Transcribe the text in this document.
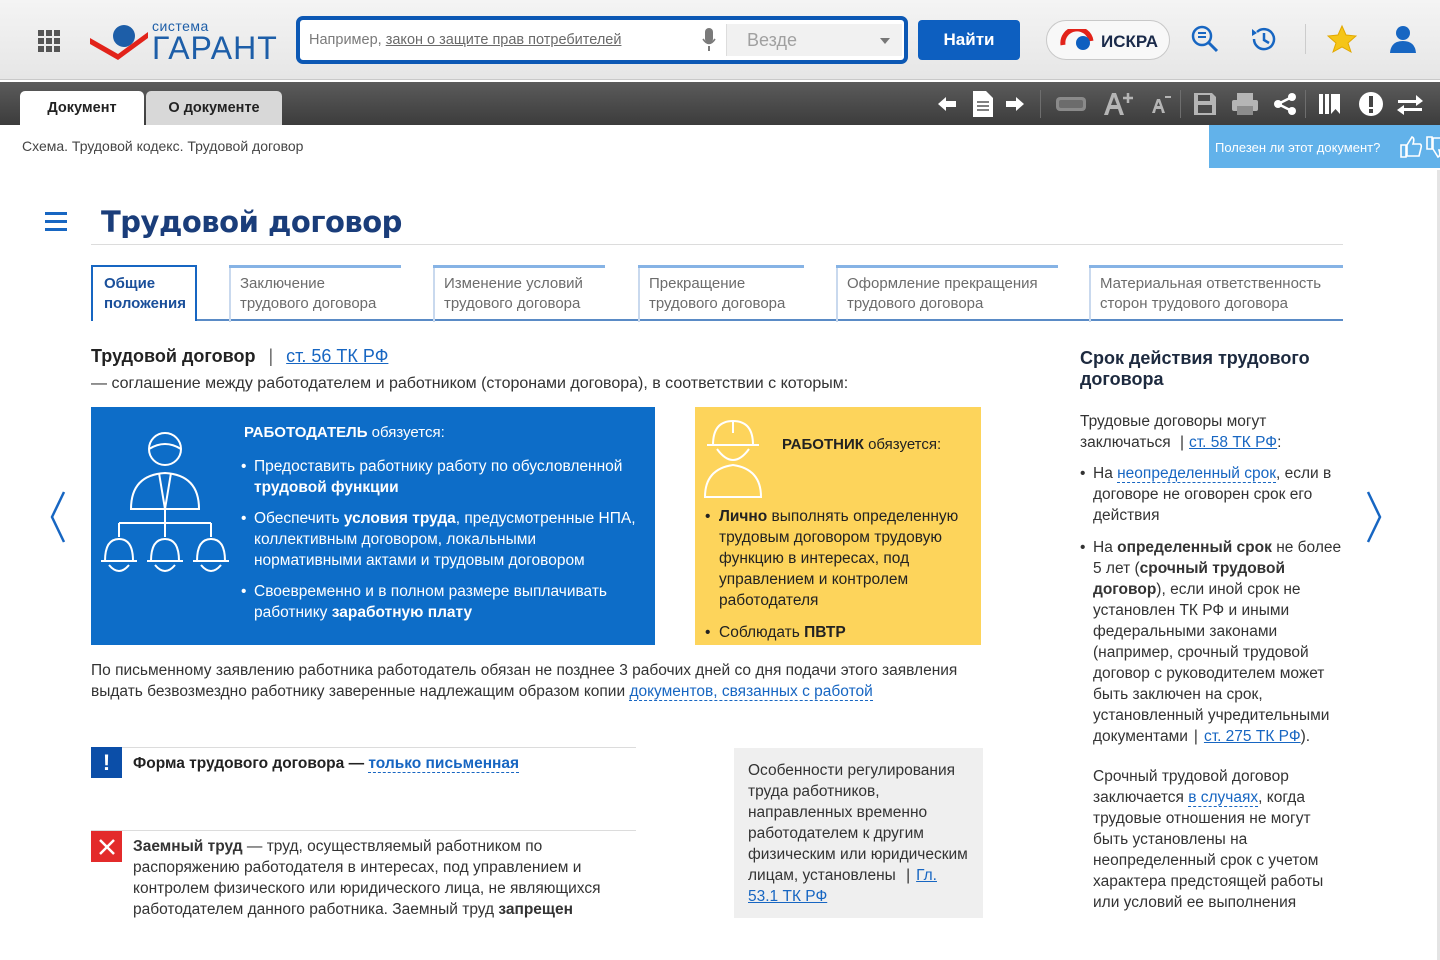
система
ГАРАНТ Например, закон о защите прав потребителей	Везде	Найти	ИСКРА
Документ	О документе
Схема. Трудовой кодекс. Трудовой договор	Полезен ли этот документ?
Трудовой договор
Общие
положения
Заключение
трудового договора
Изменение условий
трудового договора
Прекращение
трудового договора
Оформление прекращения
трудового договора
Материальная ответственность
сторон трудового договора
Трудовой договор | ст. 56 ТК РФ
— соглашение между работодателем и работником (сторонами договора), в соответствии с которым:
РАБОТОДАТЕЛЬ обязуется:
• Предоставить работнику работу по обусловленной трудовой функции
• Обеспечить условия труда, предусмотренные НПА, коллективным договором, локальными нормативными актами и трудовым договором
• Своевременно и в полном размере выплачивать работнику заработную плату
РАБОТНИК обязуется:
• Лично выполнять определенную трудовым договором трудовую функцию в интересах, под управлением и контролем работодателя
• Соблюдать ПВТР
По письменному заявлению работника работодатель обязан не позднее 3 рабочих дней со дня подачи этого заявления выдать безвозмездно работнику заверенные надлежащим образом копии документов, связанных с работой
!	Форма трудового договора — только письменная
Заемный труд — труд, осуществляемый работником по распоряжению работодателя в интересах, под управлением и контролем физического или юридического лица, не являющихся работодателем данного работника. Заемный труд запрещен
Особенности регулирования труда работников, направленных временно работодателем к другим физическим или юридическим лицам, установлены | Гл. 53.1 ТК РФ
Срок действия трудового договора
Трудовые договоры могут заключаться | ст. 58 ТК РФ:
• На неопределенный срок, если в договоре не оговорен срок его действия
• На определенный срок не более 5 лет (срочный трудовой договор), если иной срок не установлен ТК РФ и иными федеральными законами (например, срочный трудовой договор с руководителем может быть заключен на срок, установленный учредительными документами | ст. 275 ТК РФ).
Срочный трудовой договор заключается в случаях, когда трудовые отношения не могут быть установлены на неопределенный срок с учетом характера предстоящей работы или условий ее выполнения
